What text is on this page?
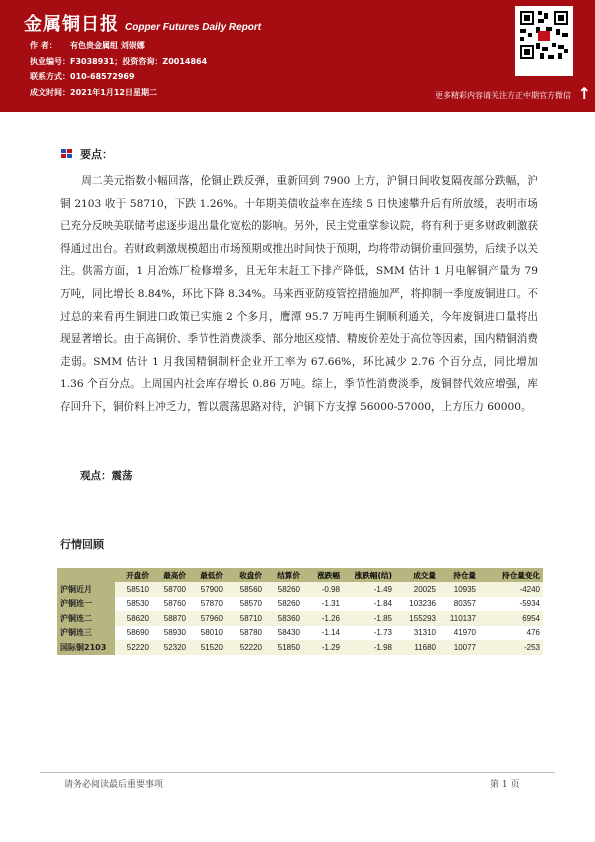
金属铜日报 Copper Futures Daily Report
作 者： 有色贵金属组 刘崇娜
执业编号：F3038931；投资咨询：Z0014864
联系方式：010-68572969
成文时间：2021年1月12日星期二	更多精彩内容请关注方正中期官方微信 ↑
要点：

周二美元指数小幅回落，伦铜止跌反弹，重新回到 7900 上方，沪铜日间收复隔夜部分跌幅，沪铜 2103 收于 58710，下跌 1.26%。十年期美债收益率在连续 5 日快速攀升后有所放缓，表明市场已充分反映美联储考虑逐步退出量化宽松的影响。另外，民主党重掌参议院，将有利于更多财政刺激获得通过出台。若财政刺激规模超出市场预期或推出时间快于预期，均将带动铜价重回强势，后续予以关注。供需方面，1 月冶炼厂检修增多，且无年末赶工下排产降低，SMM 估计 1 月电解铜产量为 79 万吨，同比增长 8.84%，环比下降 8.34%。马来西亚防疫管控措施加严，将抑制一季度废铜进口。不过总的来看再生铜进口政策已实施 2 个多月，鹰潭 95.7 万吨再生铜顺利通关，今年废铜进口量将出现显著增长。由于高铜价、季节性消费淡季、部分地区疫情、精废价差处于高位等因素，国内精铜消费走弱。SMM 估计 1 月我国精铜制杆企业开工率为 67.66%，环比减少 2.76 个百分点，同比增加 1.36 个百分点。上周国内社会库存增长 0.86 万吨。综上，季节性消费淡季，废铜替代效应增强，库存回升下，铜价料上冲乏力，暂以震荡思路对待，沪铜下方支撑 56000-57000，上方压力 60000。

观点：震荡
行情回顾
	开盘价	最高价	最低价	收盘价	结算价	涨跌幅	涨跌幅(结)	成交量	持仓量	持仓量变化
沪铜近月	58510	58700	57900	58560	58260	-0.98	-1.49	20025	10935	-4240
沪铜连一	58530	58760	57870	58570	58260	-1.31	-1.84	103236	80357	-5934
沪铜连二	58620	58870	57960	58710	58360	-1.26	-1.85	155293	110137	6954
沪铜连三	58690	58930	58010	58780	58430	-1.14	-1.73	31310	41970	476
国际铜2103	52220	52320	51520	52220	51850	-1.29	-1.98	11680	10077	-253
请务必阅读最后重要事项	第 1 页
